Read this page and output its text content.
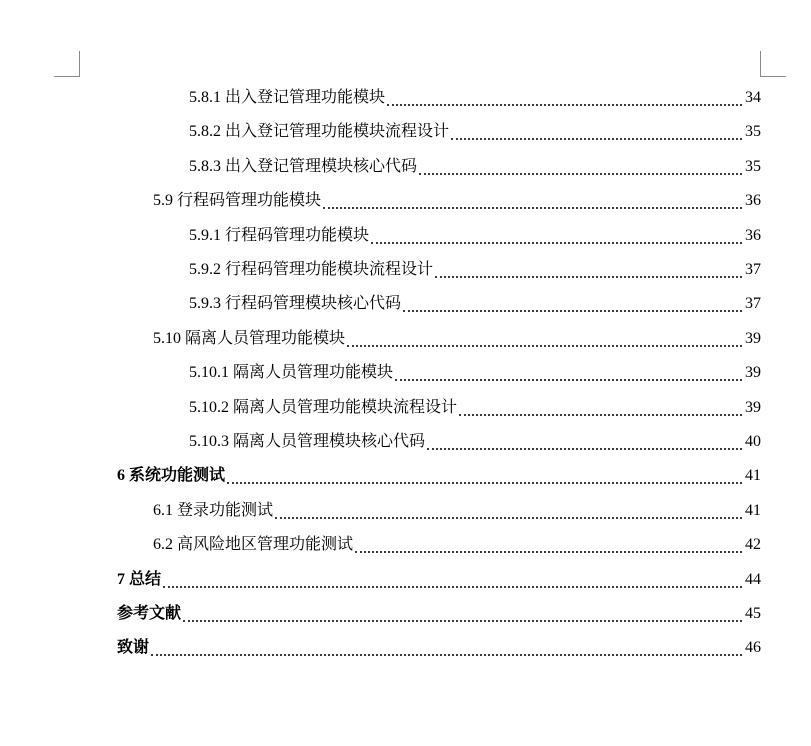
5.8.1 出入登记管理功能模块	34
5.8.2 出入登记管理功能模块流程设计	35
5.8.3 出入登记管理模块核心代码	35
5.9 行程码管理功能模块	36
5.9.1 行程码管理功能模块	36
5.9.2 行程码管理功能模块流程设计	37
5.9.3 行程码管理模块核心代码	37
5.10 隔离人员管理功能模块	39
5.10.1 隔离人员管理功能模块	39
5.10.2 隔离人员管理功能模块流程设计	39
5.10.3 隔离人员管理模块核心代码	40
6 系统功能测试	41
6.1 登录功能测试	41
6.2 高风险地区管理功能测试	42
7 总结	44
参考文献	45
致谢	46
